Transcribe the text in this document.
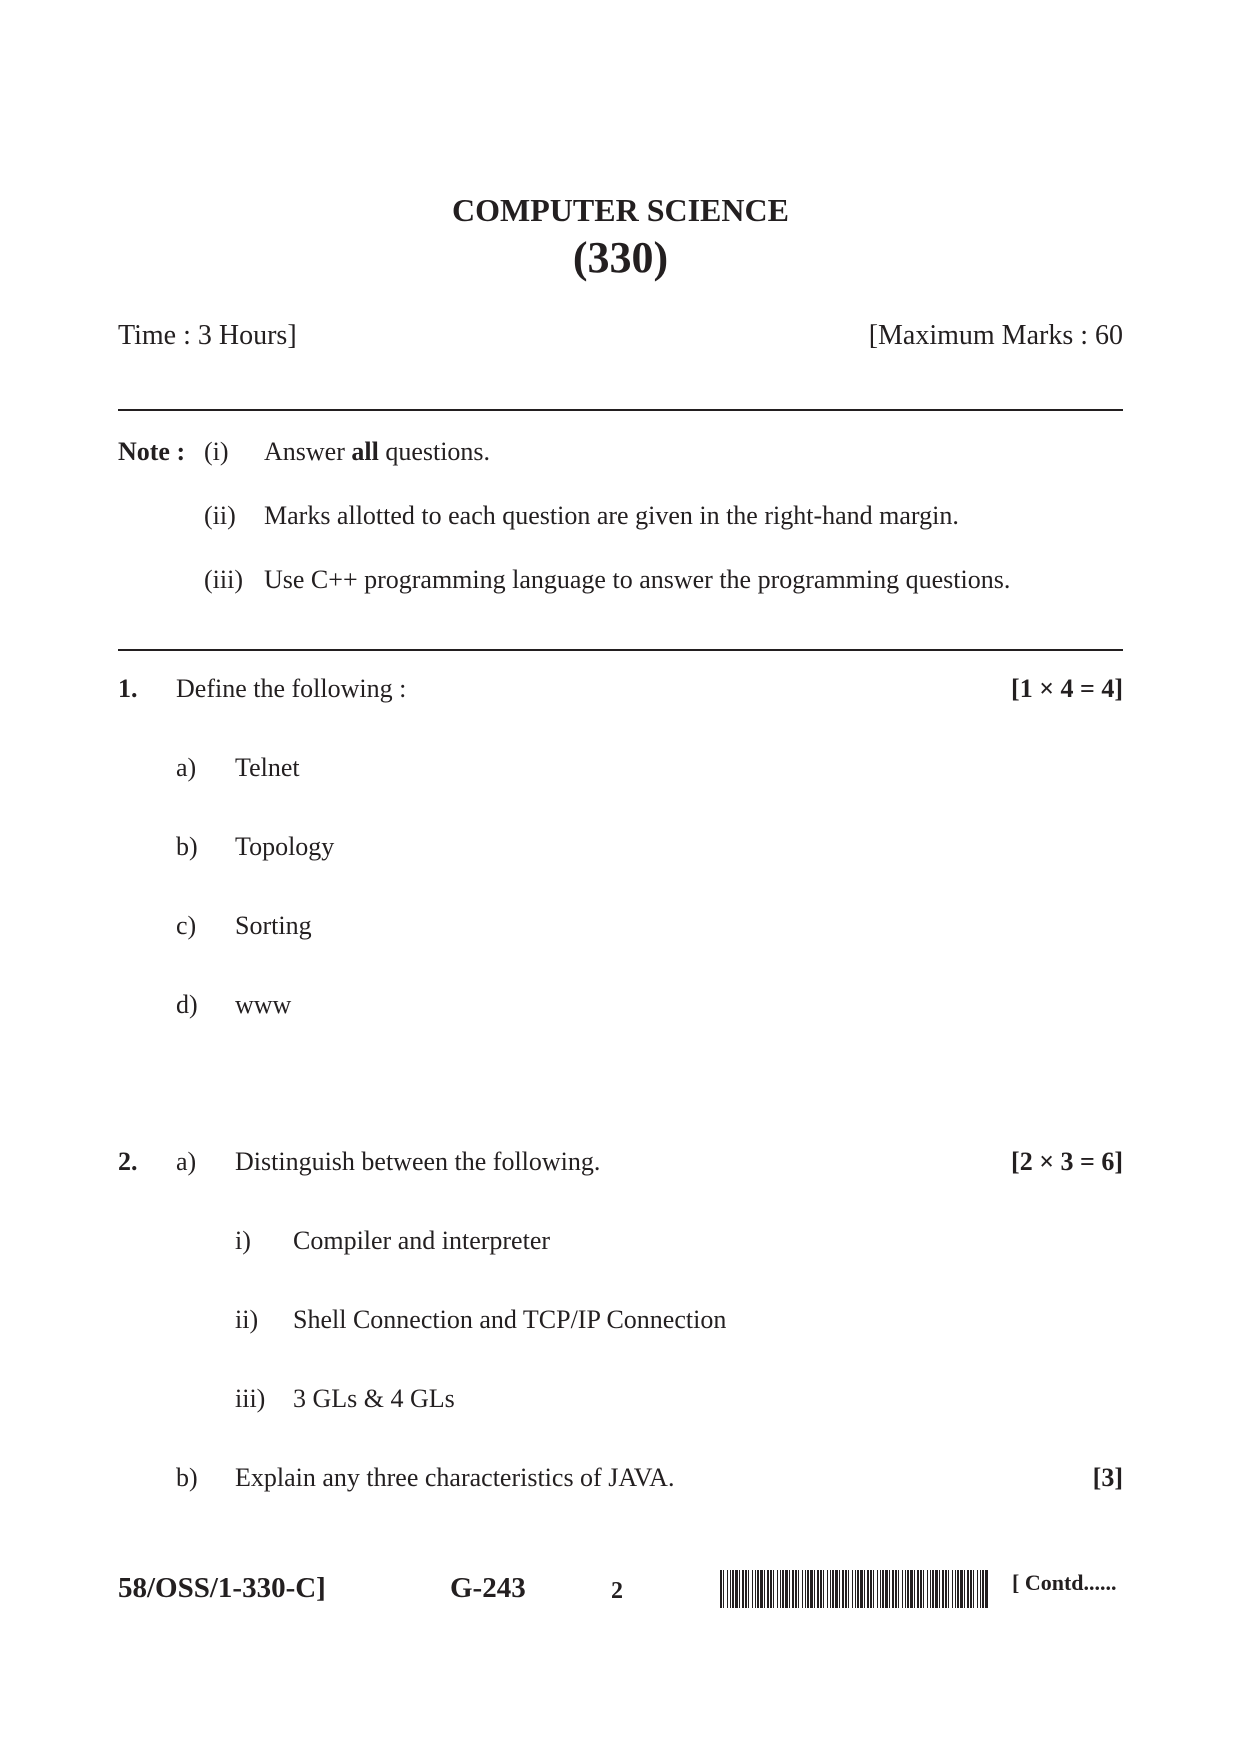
COMPUTER SCIENCE
(330)
Time : 3 Hours]	[Maximum Marks : 60
Note : (i) Answer all questions.
(ii) Marks allotted to each question are given in the right-hand margin.
(iii) Use C++ programming language to answer the programming questions.
1. Define the following :	[1 × 4 = 4]
a) Telnet
b) Topology
c) Sorting
d) www
2. a) Distinguish between the following.	[2 × 3 = 6]
i) Compiler and interpreter
ii) Shell Connection and TCP/IP Connection
iii) 3 GLs & 4 GLs
b) Explain any three characteristics of JAVA.	[3]
58/OSS/1-330-C]	G-243	2	[ Contd......
